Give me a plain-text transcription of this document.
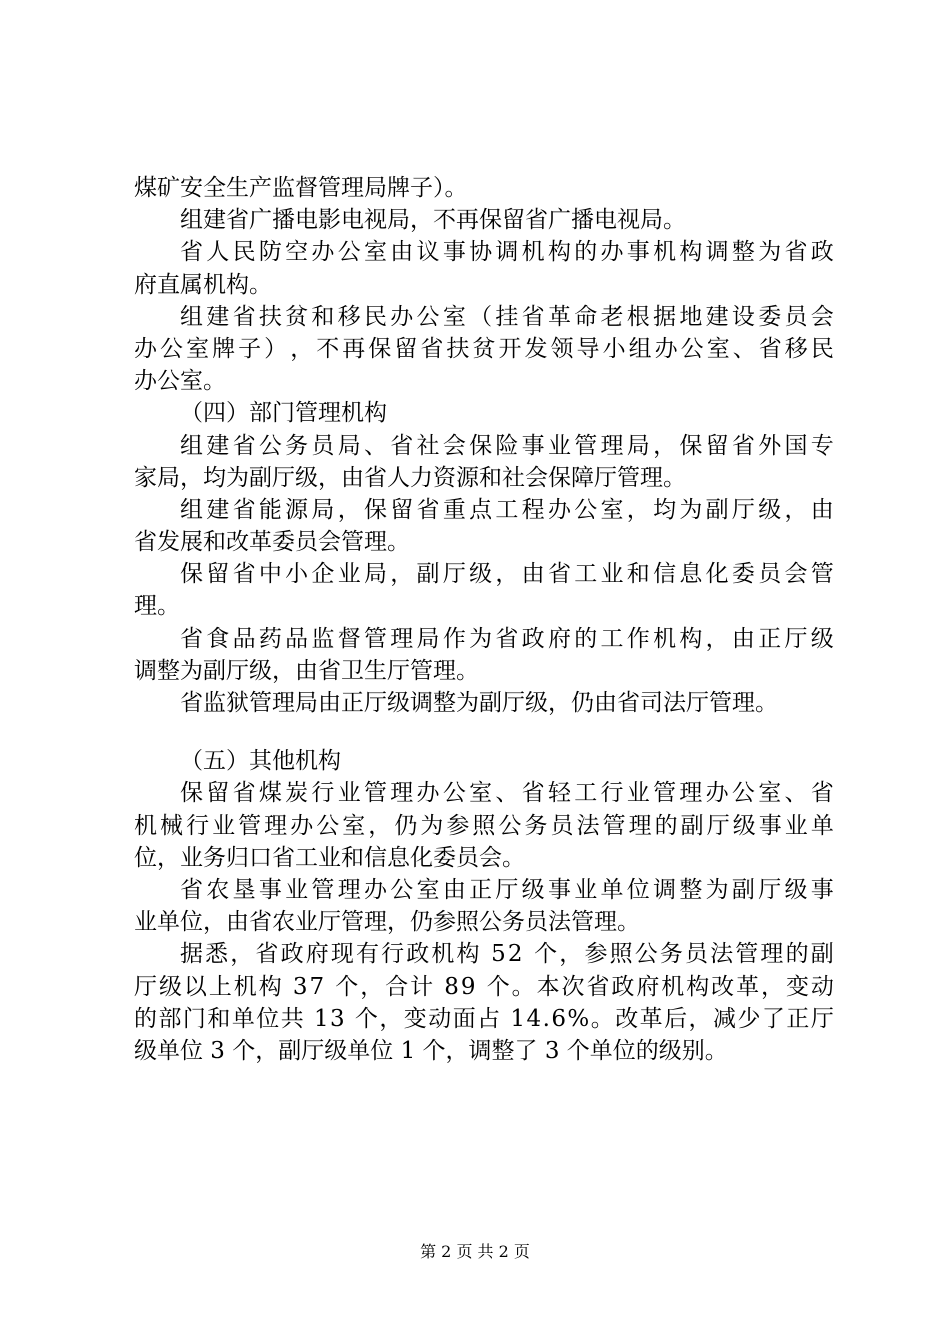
煤矿安全生产监督管理局牌子）。
组建省广播电影电视局，不再保留省广播电视局。
省 人 民 防 空 办 公 室 由 议 事 协 调 机 构 的 办 事 机 构 调 整 为 省 政
府直属机构。
组 建 省 扶 贫 和 移 民 办 公 室 （ 挂 省 革 命 老 根 据 地 建 设 委 员 会
办 公 室 牌 子 ） ， 不 再 保 留 省 扶 贫 开 发 领 导 小 组 办 公 室 、 省 移 民
办公室。
（四）部门管理机构
组 建 省 公 务 员 局 、 省 社 会 保 险 事 业 管 理 局 ， 保 留 省 外 国 专
家局，均为副厅级，由省人力资源和社会保障厅管理。
组 建 省 能 源 局 ， 保 留 省 重 点 工 程 办 公 室 ， 均 为 副 厅 级 ， 由
省发展和改革委员会管理。
保 留 省 中 小 企 业 局 ， 副 厅 级 ， 由 省 工 业 和 信 息 化 委 员 会 管
理。
省 食 品 药 品 监 督 管 理 局 作 为 省 政 府 的 工 作 机 构 ， 由 正 厅 级
调整为副厅级，由省卫生厅管理。
省监狱管理局由正厅级调整为副厅级，仍由省司法厅管理。
（五）其他机构
保 留 省 煤 炭 行 业 管 理 办 公 室 、 省 轻 工 行 业 管 理 办 公 室 、 省
机 械 行 业 管 理 办 公 室 ， 仍 为 参 照 公 务 员 法 管 理 的 副 厅 级 事 业 单
位，业务归口省工业和信息化委员会。
省 农 垦 事 业 管 理 办 公 室 由 正 厅 级 事 业 单 位 调 整 为 副 厅 级 事
业单位，由省农业厅管理，仍参照公务员法管理。
据 悉 ， 省 政 府 现 有 行 政 机 构
5 2
个 ， 参 照 公 务 员 法 管 理 的 副
厅 级 以 上 机 构
3 7
个 ， 合 计
8 9
个 。 本 次 省 政 府 机 构 改 革 ， 变 动
的 部 门 和 单 位 共
1 3
个 ， 变 动 面 占
1 4 . 6 % 。 改 革 后 ， 减 少 了 正 厅
级单位 3 个，副厅级单位 1 个，调整了 3 个单位的级别。
第 2 页 共 2 页
